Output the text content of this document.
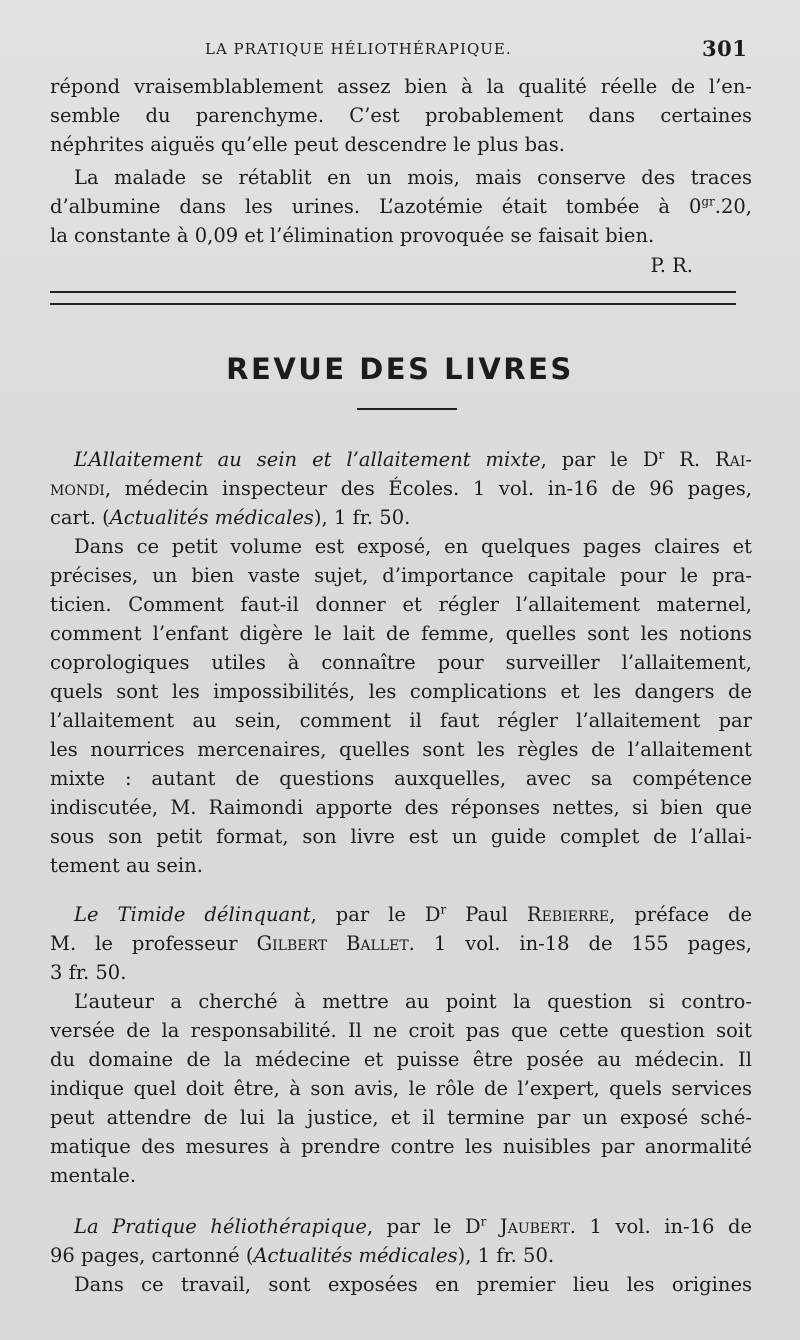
LA PRATIQUE HÉLIOTHÉRAPIQUE.	301
répond vraisemblablement assez bien à la qualité réelle de l’en-
semble du parenchyme. C’est probablement dans certaines
néphrites aiguës qu’elle peut descendre le plus bas.
La malade se rétablit en un mois, mais conserve des traces
d’albumine dans les urines. L’azotémie était tombée à $0^{gr}.20$,
la constante à 0,09 et l’élimination provoquée se faisait bien.
P. R.
REVUE DES LIVRES
L’Allaitement au sein et l’allaitement mixte, par le $D^r$ R. Rai-
mondi, médecin inspecteur des Écoles. 1 vol. in-16 de 96 pages,
cart. (Actualités médicales), 1 fr. 50.
Dans ce petit volume est exposé, en quelques pages claires et
précises, un bien vaste sujet, d’importance capitale pour le pra-
ticien. Comment faut-il donner et régler l’allaitement maternel,
comment l’enfant digère le lait de femme, quelles sont les notions
coprologiques utiles à connaître pour surveiller l’allaitement,
quels sont les impossibilités, les complications et les dangers de
l’allaitement au sein, comment il faut régler l’allaitement par
les nourrices mercenaires, quelles sont les règles de l’allaitement
mixte : autant de questions auxquelles, avec sa compétence
indiscutée, M. Raimondi apporte des réponses nettes, si bien que
sous son petit format, son livre est un guide complet de l’allai-
tement au sein.
Le Timide délinquant, par le $D^r$ Paul Rebierre, préface de
M. le professeur Gilbert Ballet. 1 vol. in-18 de 155 pages,
3 fr. 50.
L’auteur a cherché à mettre au point la question si contro-
versée de la responsabilité. Il ne croit pas que cette question soit
du domaine de la médecine et puisse être posée au médecin. Il
indique quel doit être, à son avis, le rôle de l’expert, quels services
peut attendre de lui la justice, et il termine par un exposé sché-
matique des mesures à prendre contre les nuisibles par anormalité
mentale.
La Pratique héliothérapique, par le $D^r$ Jaubert. 1 vol. in-16 de
96 pages, cartonné (Actualités médicales), 1 fr. 50.
Dans ce travail, sont exposées en premier lieu les origines
